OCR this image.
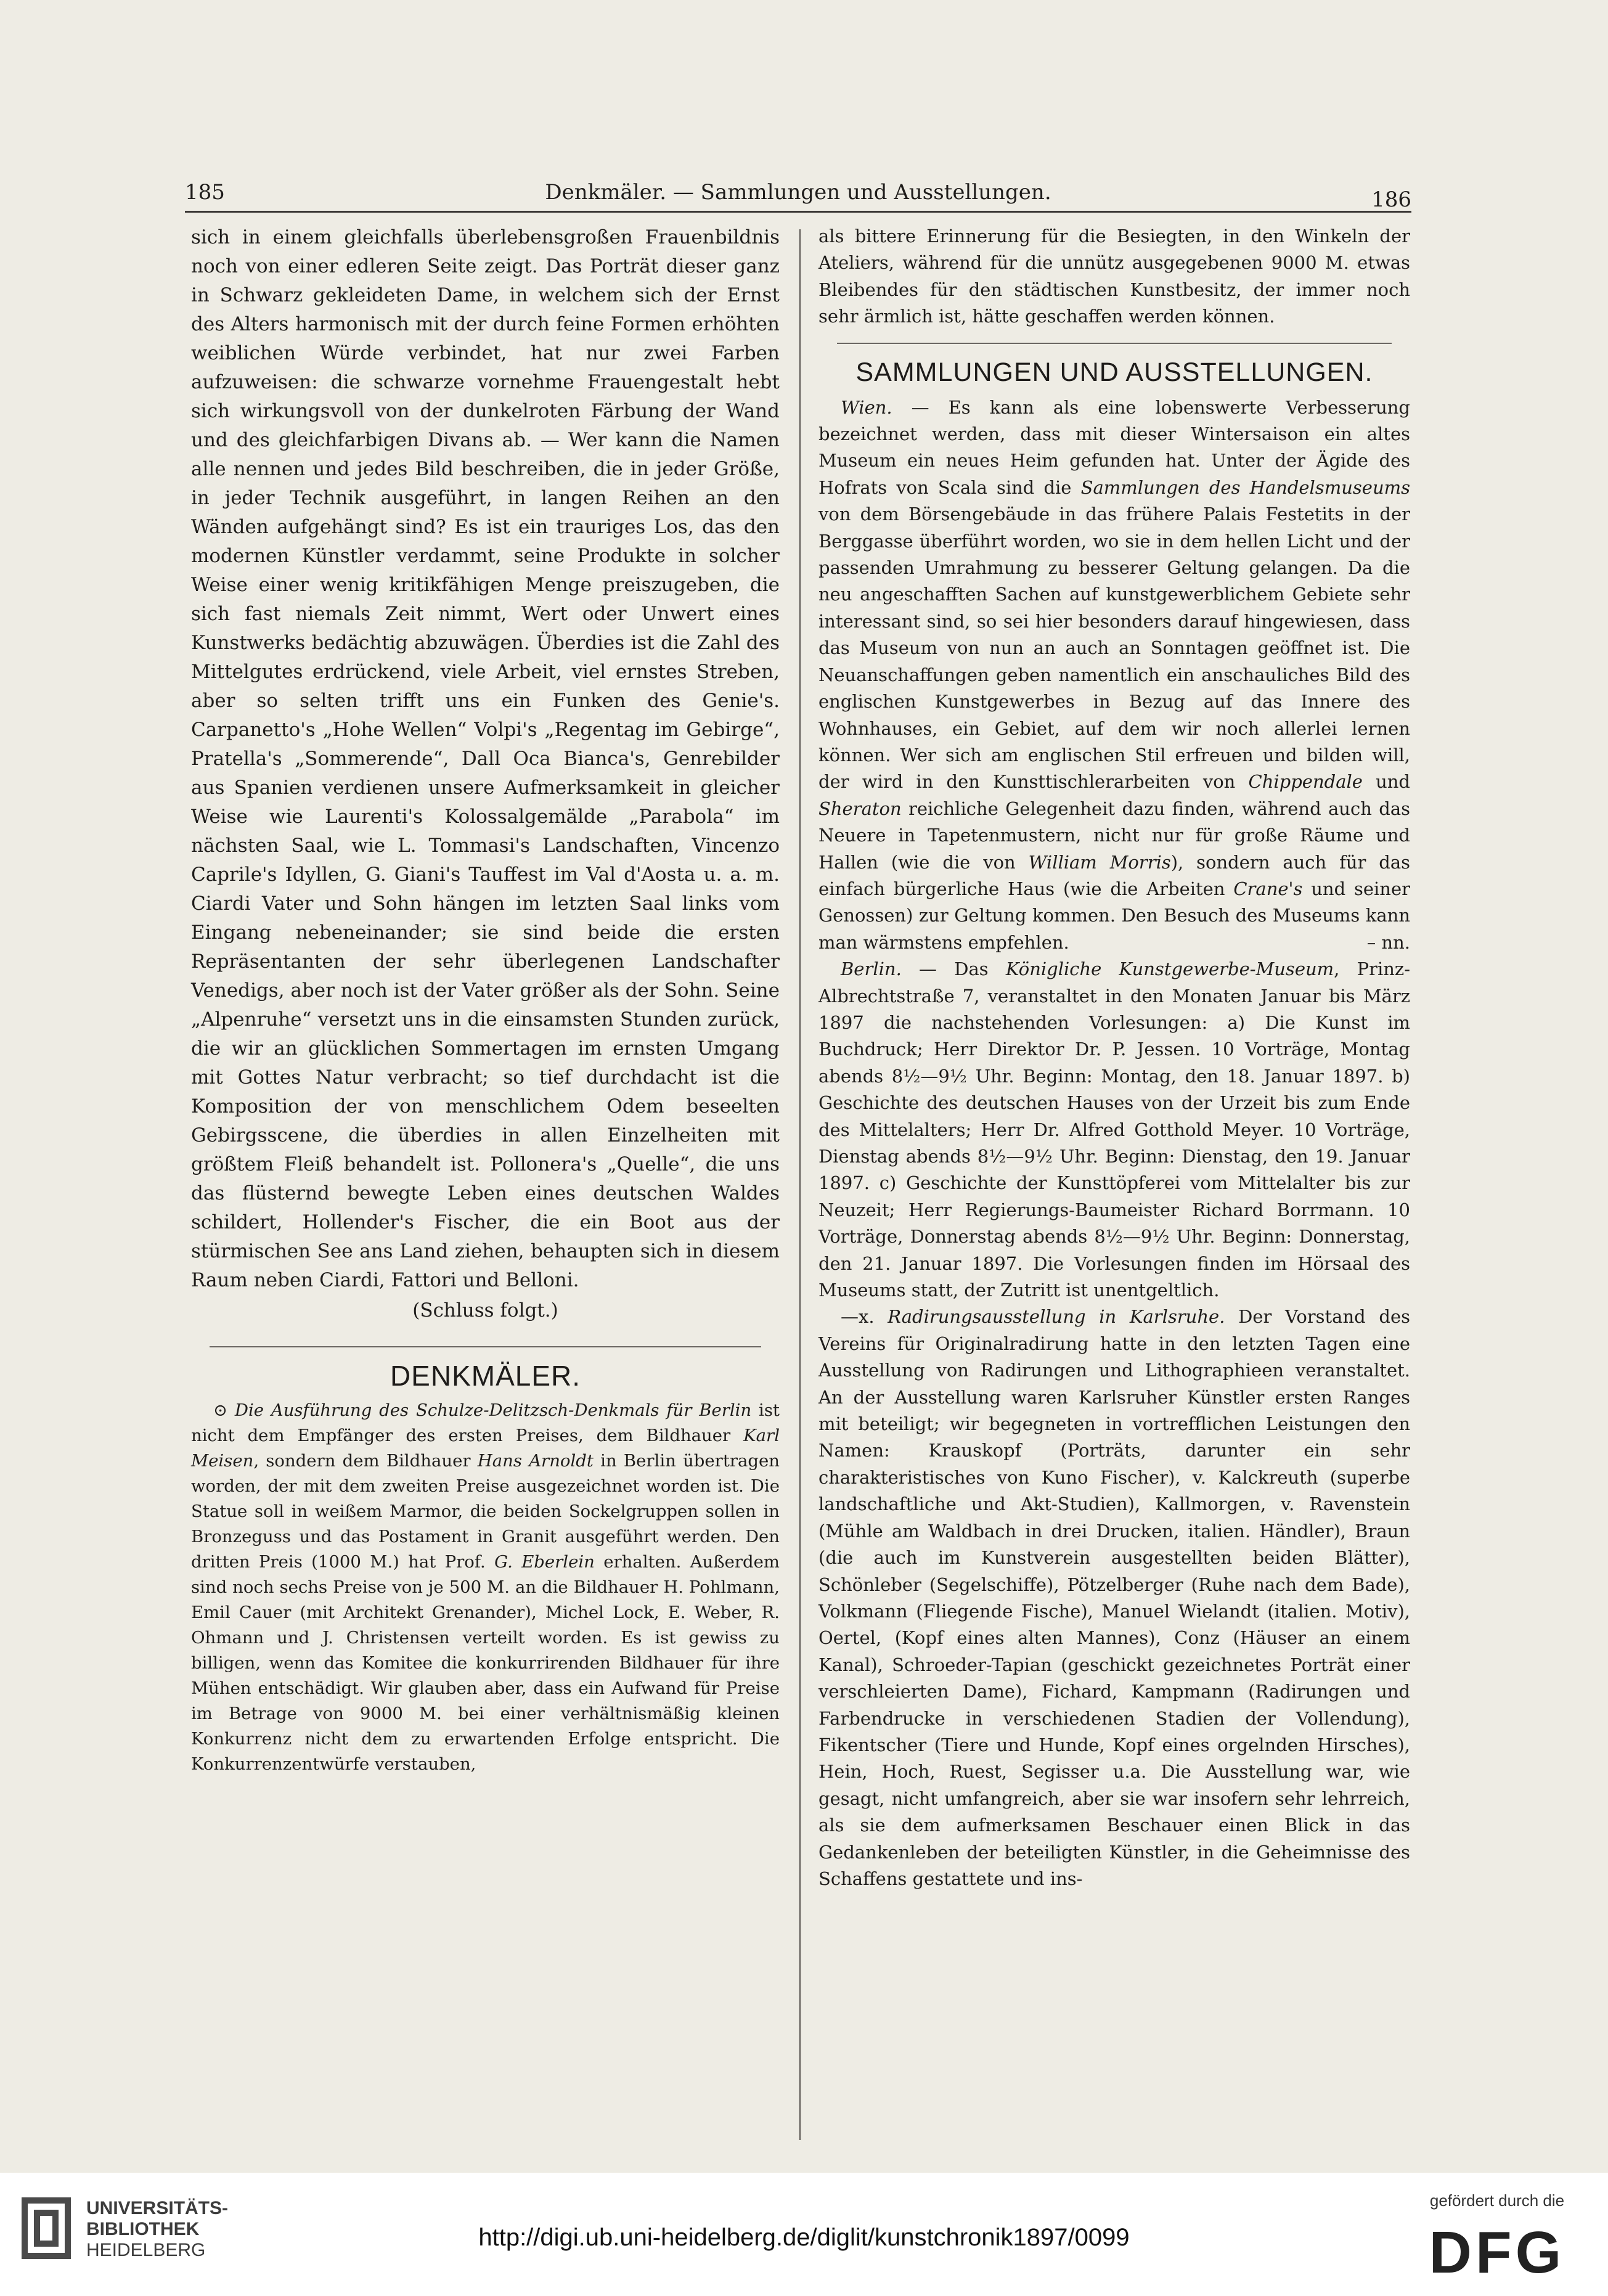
185	Denkmäler. — Sammlungen und Ausstellungen.	186

sich in einem gleichfalls überlebensgroßen Frauenbildnis noch von einer edleren Seite zeigt. Das Porträt dieser ganz in Schwarz gekleideten Dame, in welchem sich der Ernst des Alters harmonisch mit der durch feine Formen erhöhten weiblichen Würde verbindet, hat nur zwei Farben aufzuweisen: die schwarze vornehme Frauengestalt hebt sich wirkungsvoll von der dunkelroten Färbung der Wand und des gleichfarbigen Divans ab. — Wer kann die Namen alle nennen und jedes Bild beschreiben, die in jeder Größe, in jeder Technik ausgeführt, in langen Reihen an den Wänden aufgehängt sind? Es ist ein trauriges Los, das den modernen Künstler verdammt, seine Produkte in solcher Weise einer wenig kritikfähigen Menge preiszugeben, die sich fast niemals Zeit nimmt, Wert oder Unwert eines Kunstwerks bedächtig abzuwägen. Überdies ist die Zahl des Mittelgutes erdrückend, viele Arbeit, viel ernstes Streben, aber so selten trifft uns ein Funken des Genie's. Carpanetto's „Hohe Wellen“ Volpi's „Regentag im Gebirge“, Pratella's „Sommerende“, Dall Oca Bianca's, Genrebilder aus Spanien verdienen unsere Aufmerksamkeit in gleicher Weise wie Laurenti's Kolossalgemälde „Parabola“ im nächsten Saal, wie L. Tommasi's Landschaften, Vincenzo Caprile's Idyllen, G. Giani's Tauffest im Val d'Aosta u. a. m. Ciardi Vater und Sohn hängen im letzten Saal links vom Eingang nebeneinander; sie sind beide die ersten Repräsentanten der sehr überlegenen Landschafter Venedigs, aber noch ist der Vater größer als der Sohn. Seine „Alpenruhe“ versetzt uns in die einsamsten Stunden zurück, die wir an glücklichen Sommertagen im ernsten Umgang mit Gottes Natur verbracht; so tief durchdacht ist die Komposition der von menschlichem Odem beseelten Gebirgsscene, die überdies in allen Einzelheiten mit größtem Fleiß behandelt ist. Pollonera's „Quelle“, die uns das flüsternd bewegte Leben eines deutschen Waldes schildert, Hollender's Fischer, die ein Boot aus der stürmischen See ans Land ziehen, behaupten sich in diesem Raum neben Ciardi, Fattori und Belloni.

(Schluss folgt.)

DENKMÄLER.

⊙ Die Ausführung des Schulze-Delitzsch-Denkmals für Berlin ist nicht dem Empfänger des ersten Preises, dem Bildhauer Karl Meisen, sondern dem Bildhauer Hans Arnoldt in Berlin übertragen worden, der mit dem zweiten Preise ausgezeichnet worden ist. Die Statue soll in weißem Marmor, die beiden Sockelgruppen sollen in Bronzeguss und das Postament in Granit ausgeführt werden. Den dritten Preis (1000 M.) hat Prof. G. Eberlein erhalten. Außerdem sind noch sechs Preise von je 500 M. an die Bildhauer H. Pohlmann, Emil Cauer (mit Architekt Grenander), Michel Lock, E. Weber, R. Ohmann und J. Christensen verteilt worden. Es ist gewiss zu billigen, wenn das Komitee die konkurrirenden Bildhauer für ihre Mühen entschädigt. Wir glauben aber, dass ein Aufwand für Preise im Betrage von 9000 M. bei einer verhältnismäßig kleinen Konkurrenz nicht dem zu erwartenden Erfolge entspricht. Die Konkurrenzentwürfe verstauben,

als bittere Erinnerung für die Besiegten, in den Winkeln der Ateliers, während für die unnütz ausgegebenen 9000 M. etwas Bleibendes für den städtischen Kunstbesitz, der immer noch sehr ärmlich ist, hätte geschaffen werden können.

SAMMLUNGEN UND AUSSTELLUNGEN.

Wien. — Es kann als eine lobenswerte Verbesserung bezeichnet werden, dass mit dieser Wintersaison ein altes Museum ein neues Heim gefunden hat. Unter der Ägide des Hofrats von Scala sind die Sammlungen des Handelsmuseums von dem Börsengebäude in das frühere Palais Festetits in der Berggasse überführt worden, wo sie in dem hellen Licht und der passenden Umrahmung zu besserer Geltung gelangen. Da die neu angeschafften Sachen auf kunstgewerblichem Gebiete sehr interessant sind, so sei hier besonders darauf hingewiesen, dass das Museum von nun an auch an Sonntagen geöffnet ist. Die Neuanschaffungen geben namentlich ein anschauliches Bild des englischen Kunstgewerbes in Bezug auf das Innere des Wohnhauses, ein Gebiet, auf dem wir noch allerlei lernen können. Wer sich am englischen Stil erfreuen und bilden will, der wird in den Kunsttischlerarbeiten von Chippendale und Sheraton reichliche Gelegenheit dazu finden, während auch das Neuere in Tapetenmustern, nicht nur für große Räume und Hallen (wie die von William Morris), sondern auch für das einfach bürgerliche Haus (wie die Arbeiten Crane's und seiner Genossen) zur Geltung kommen. Den Besuch des Museums kann man wärmstens empfehlen.	– nn.

Berlin. — Das Königliche Kunstgewerbe-Museum, Prinz-Albrechtstraße 7, veranstaltet in den Monaten Januar bis März 1897 die nachstehenden Vorlesungen: a) Die Kunst im Buchdruck; Herr Direktor Dr. P. Jessen. 10 Vorträge, Montag abends 8½—9½ Uhr. Beginn: Montag, den 18. Januar 1897. b) Geschichte des deutschen Hauses von der Urzeit bis zum Ende des Mittelalters; Herr Dr. Alfred Gotthold Meyer. 10 Vorträge, Dienstag abends 8½—9½ Uhr. Beginn: Dienstag, den 19. Januar 1897. c) Geschichte der Kunsttöpferei vom Mittelalter bis zur Neuzeit; Herr Regierungs-Baumeister Richard Borrmann. 10 Vorträge, Donnerstag abends 8½—9½ Uhr. Beginn: Donnerstag, den 21. Januar 1897. Die Vorlesungen finden im Hörsaal des Museums statt, der Zutritt ist unentgeltlich.

—x. Radirungsausstellung in Karlsruhe. Der Vorstand des Vereins für Originalradirung hatte in den letzten Tagen eine Ausstellung von Radirungen und Lithographieen veranstaltet. An der Ausstellung waren Karlsruher Künstler ersten Ranges mit beteiligt; wir begegneten in vortrefflichen Leistungen den Namen: Krauskopf (Porträts, darunter ein sehr charakteristisches von Kuno Fischer), v. Kalckreuth (superbe landschaftliche und Akt-Studien), Kallmorgen, v. Ravenstein (Mühle am Waldbach in drei Drucken, italien. Händler), Braun (die auch im Kunstverein ausgestellten beiden Blätter), Schönleber (Segelschiffe), Pötzelberger (Ruhe nach dem Bade), Volkmann (Fliegende Fische), Manuel Wielandt (italien. Motiv), Oertel, (Kopf eines alten Mannes), Conz (Häuser an einem Kanal), Schroeder-Tapian (geschickt gezeichnetes Porträt einer verschleierten Dame), Fichard, Kampmann (Radirungen und Farbendrucke in verschiedenen Stadien der Vollendung), Fikentscher (Tiere und Hunde, Kopf eines orgelnden Hirsches), Hein, Hoch, Ruest, Segisser u.a. Die Ausstellung war, wie gesagt, nicht umfangreich, aber sie war insofern sehr lehrreich, als sie dem aufmerksamen Beschauer einen Blick in das Gedankenleben der beteiligten Künstler, in die Geheimnisse des Schaffens gestattete und ins-

UNIVERSITÄTS-
BIBLIOTHEK
HEIDELBERG	http://digi.ub.uni-heidelberg.de/diglit/kunstchronik1897/0099
gefördert durch die
DFG
